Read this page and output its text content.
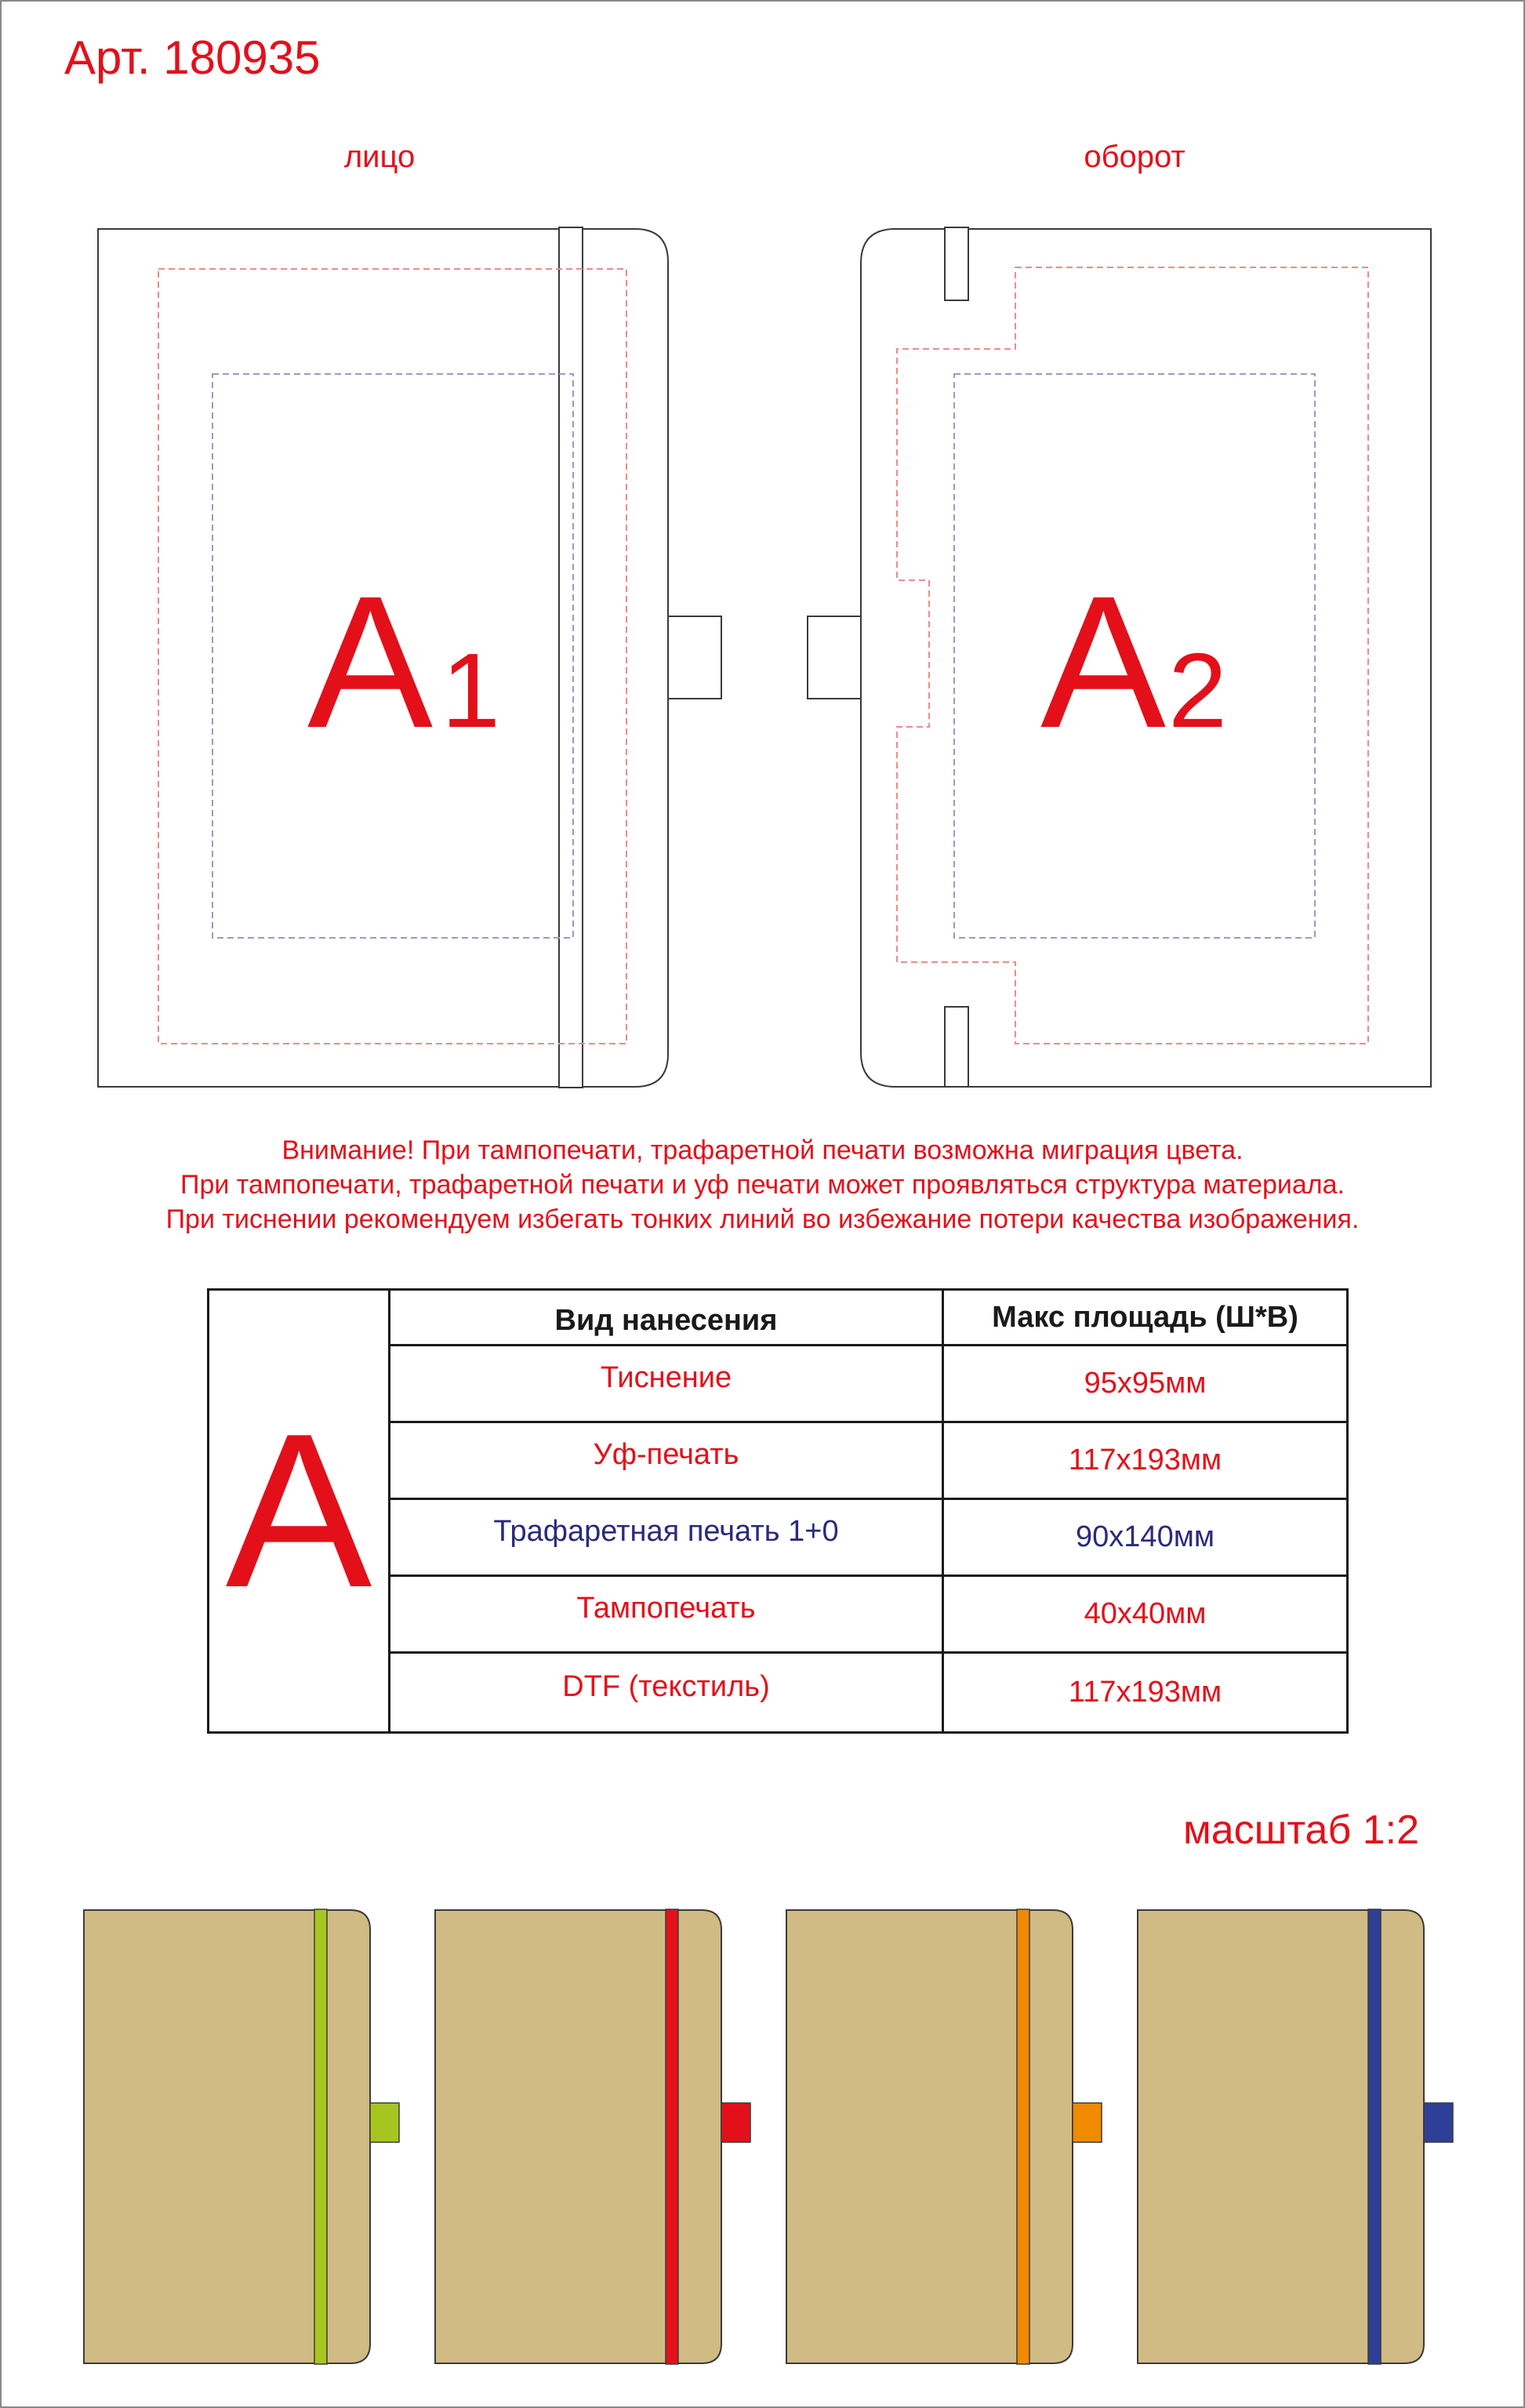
Арт. 180935
лицо	оборот
A 1	A 2
Внимание! При тампопечати, трафаретной печати возможна миграция цвета.
При тампопечати, трафаретной печати и уф печати может проявляться структура материала.
При тиснении рекомендуем избегать тонких линий во избежание потери качества изображения.
A
Вид нанесения	Макс площадь (Ш*В)
Тиснение	95x95мм
Уф-печать	117x193мм
Трафаретная печать 1+0	90x140мм
Тампопечать	40x40мм
DTF (текстиль)	117x193мм
масштаб 1:2
